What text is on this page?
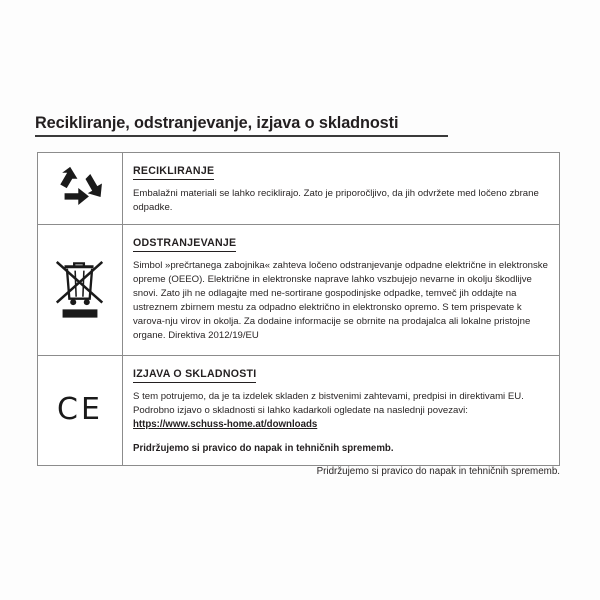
Recikliranje, odstranjevanje, izjava o skladnosti
RECIKLIRANJE

Embalažni materiali se lahko reciklirajo. Zato je priporočljivo, da jih odvržete med ločeno zbrane odpadke.

ODSTRANJEVANJE

Simbol »prečrtanega zabojnika« zahteva ločeno odstranjevanje odpadne električne in elektronske opreme (OEEO). Električne in elektronske naprave lahko vszbujejo nevarne in okolju škodlijve snovi. Zato jih ne odlagajte med ne-sortirane gospodinjske odpadke, temveč jih oddajte na ustreznem zbirnem mestu za odpadno električno in elektronsko opremo. S tem prispevate k varova-nju virov in okolja. Za dodaine informacije se obrnite na prodajalca ali lokalne pristojne organe. Direktiva 2012/19/EU

CE
IZJAVA O SKLADNOSTI

S tem potrujemo, da je ta izdelek skladen z bistvenimi zahtevami, predpisi in direktivami EU. Podrobno izjavo o skladnosti si lahko kadarkoli ogledate na naslednji povezavi:

https://www.schuss-home.at/downloads
Pridržujemo si pravico do napak in tehničnih sprememb.
Pridržujemo si pravico do napak in tehničnih sprememb.
